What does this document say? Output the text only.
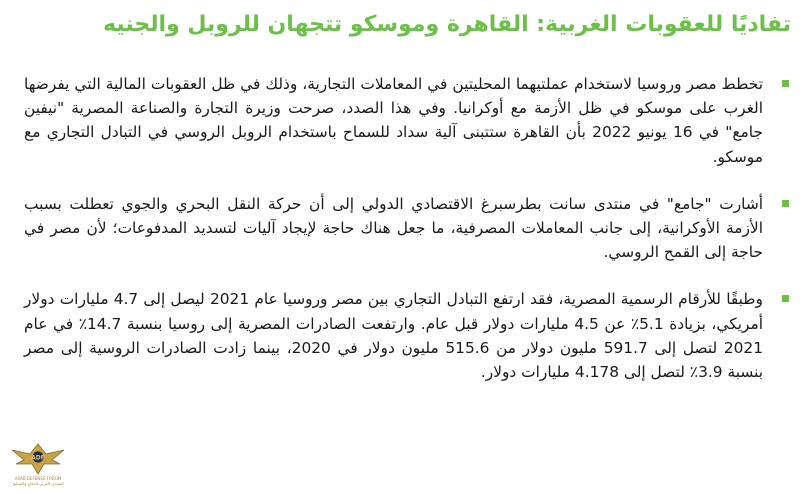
تفاديًا للعقوبات الغربية: القاهرة وموسكو تتجهان للروبل والجنيه
تخطط مصر وروسيا لاستخدام عملتيهما المحليتين في المعاملات التجارية، وذلك في ظل العقوبات المالية التي يفرضها الغرب على موسكو في ظل الأزمة مع أوكرانيا. وفي هذا الصدد، صرحت وزيرة التجارة والصناعة المصرية "نيفين جامع" في 16 يونيو 2022 بأن القاهرة ستتبنى آلية سداد للسماح باستخدام الروبل الروسي في التبادل التجاري مع موسكو.
أشارت "جامع" في منتدى سانت بطرسبرغ الاقتصادي الدولي إلى أن حركة النقل البحري والجوي تعطلت بسبب الأزمة الأوكرانية، إلى جانب المعاملات المصرفية، ما جعل هناك حاجة لإيجاد آليات لتسديد المدفوعات؛ لأن مصر في حاجة إلى القمح الروسي.
وطبقًا للأرقام الرسمية المصرية، فقد ارتفع التبادل التجاري بين مصر وروسيا عام 2021 ليصل إلى 4.7 مليارات دولار أمريكي، بزيادة 5.1٪ عن 4.5 مليارات دولار قبل عام. وارتفعت الصادرات المصرية إلى روسيا بنسبة 14.7٪ في عام 2021 لتصل إلى 591.7 مليون دولار من 515.6 مليون دولار في 2020، بينما زادت الصادرات الروسية إلى مصر بنسبة 3.9٪ لتصل إلى 4.178 مليارات دولار.
ADF
ARAB DEFENSE FORUM
المنتدى العربي للدفاع والتسليح
